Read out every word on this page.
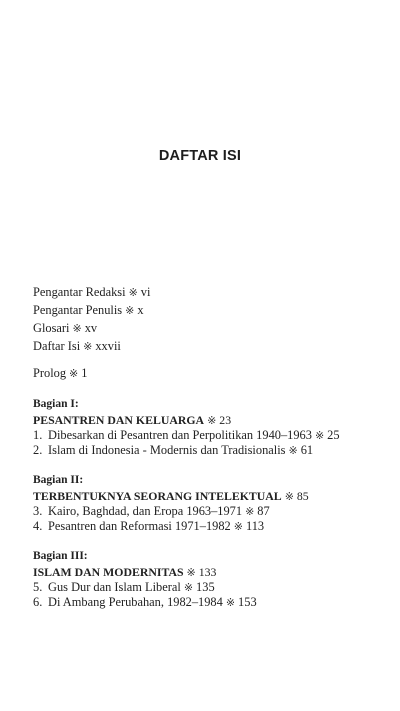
DAFTAR ISI
Pengantar Redaksi ※ vi
Pengantar Penulis ※ x
Glosari ※ xv
Daftar Isi ※ xxvii
Prolog ※ 1
Bagian I:
PESANTREN DAN KELUARGA ※ 23
1. Dibesarkan di Pesantren dan Perpolitikan 1940–1963 ※ 25
2. Islam di Indonesia - Modernis dan Tradisionalis ※ 61
Bagian II:
TERBENTUKNYA SEORANG INTELEKTUAL ※ 85
3. Kairo, Baghdad, dan Eropa 1963–1971 ※ 87
4. Pesantren dan Reformasi 1971–1982 ※ 113
Bagian III:
ISLAM DAN MODERNITAS ※ 133
5. Gus Dur dan Islam Liberal ※ 135
6. Di Ambang Perubahan, 1982–1984 ※ 153
